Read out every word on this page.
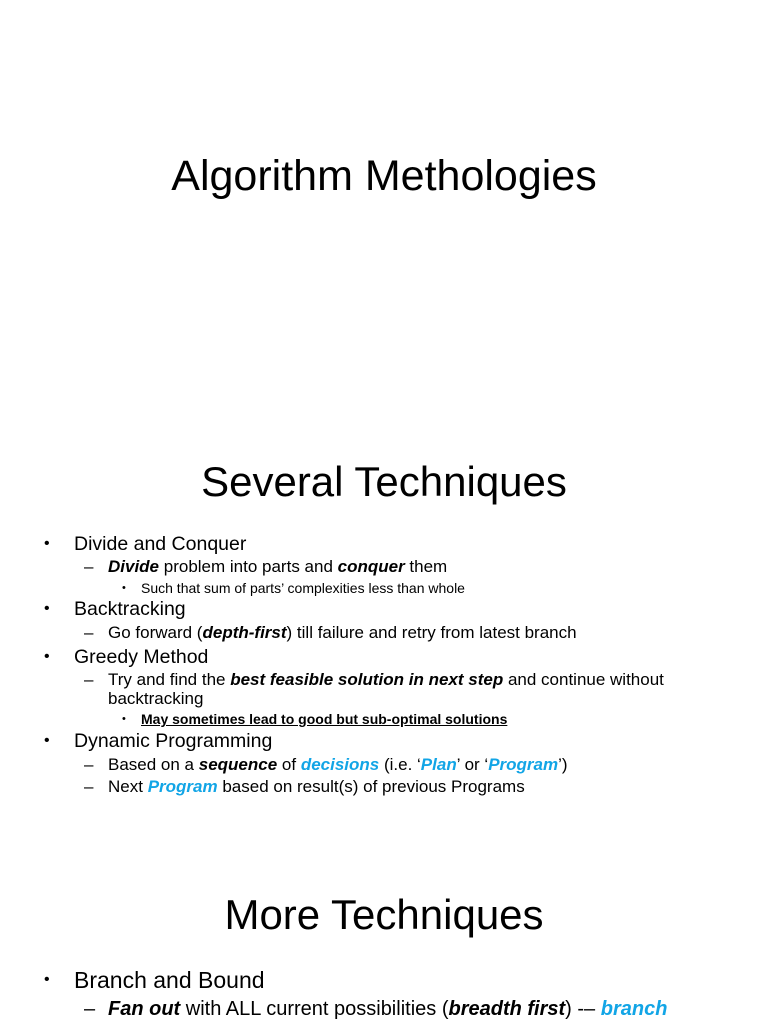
Algorithm Methologies
Several Techniques
• Divide and Conquer
– Divide problem into parts and conquer them
• Such that sum of parts’ complexities less than whole
• Backtracking
– Go forward (depth-first) till failure and retry from latest branch
• Greedy Method
– Try and find the best feasible solution in next step and continue without
backtracking
• May sometimes lead to good but sub-optimal solutions
• Dynamic Programming
– Based on a sequence of decisions (i.e. ‘Plan’ or ‘Program’)
– Next Program based on result(s) of previous Programs
More Techniques
• Branch and Bound
– Fan out with ALL current possibilities (breadth first) -– branch
